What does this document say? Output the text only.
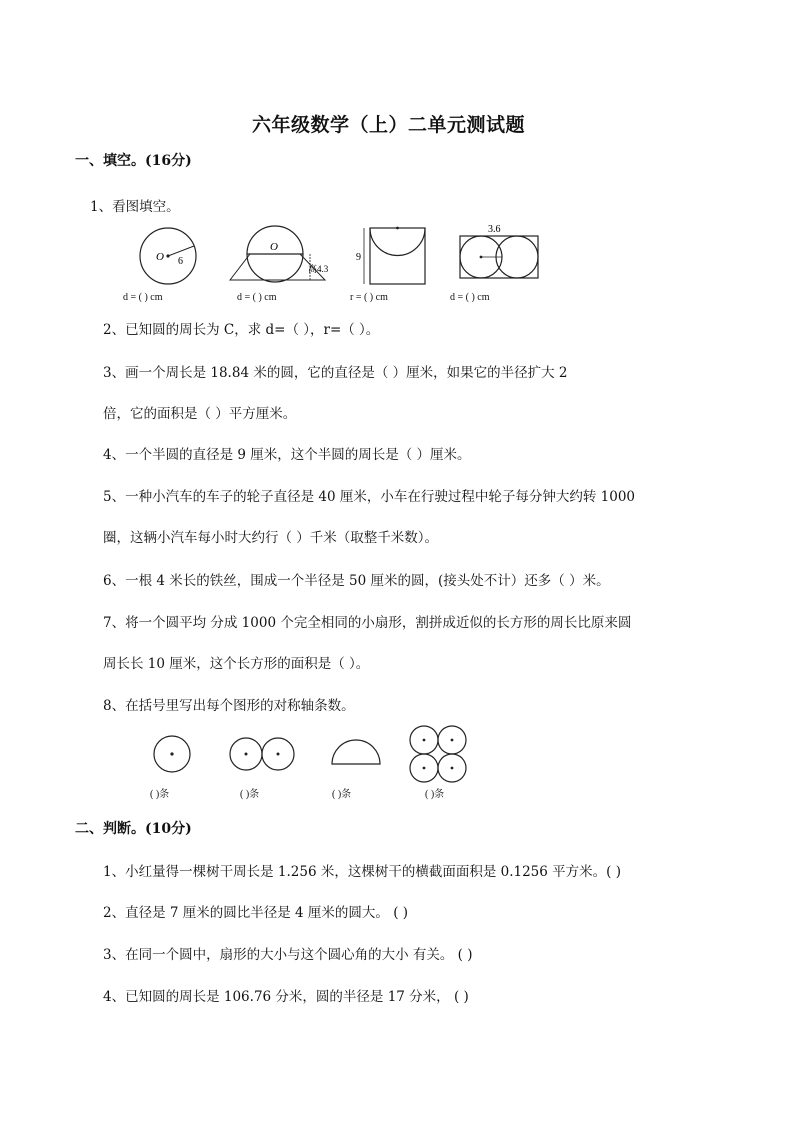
六年级数学（上）二单元测试题
一、填空。(16分)
1、看图填空。
O 6
O
高4.3
9
3.6
d = ( ) cm	d = ( ) cm	r = ( ) cm	d = ( ) cm
2、已知圆的周长为 C，求 d=（ ），r=（ ）。
3、画一个周长是 18.84 米的圆，它的直径是（ ）厘米，如果它的半径扩大 2
倍，它的面积是（ ）平方厘米。
4、一个半圆的直径是 9 厘米，这个半圆的周长是（ ）厘米。
5、一种小汽车的车子的轮子直径是 40 厘米，小车在行驶过程中轮子每分钟大约转 1000
圈，这辆小汽车每小时大约行（ ）千米（取整千米数）。
6、一根 4 米长的铁丝，围成一个半径是 50 厘米的圆，(接头处不计）还多（ ）米。
7、将一个圆平均 分成 1000 个完全相同的小扇形，割拼成近似的长方形的周长比原来圆
周长长 10 厘米，这个长方形的面积是（ ）。
8、在括号里写出每个图形的对称轴条数。
( )条	( )条	( )条	( )条
二、判断。(10分)
1、小红量得一棵树干周长是 1.256 米，这棵树干的横截面面积是 0.1256 平方米。( )
2、直径是 7 厘米的圆比半径是 4 厘米的圆大。 ( )
3、在同一个圆中，扇形的大小与这个圆心角的大小 有关。 ( )
4、已知圆的周长是 106.76 分米，圆的半径是 17 分米， ( )
